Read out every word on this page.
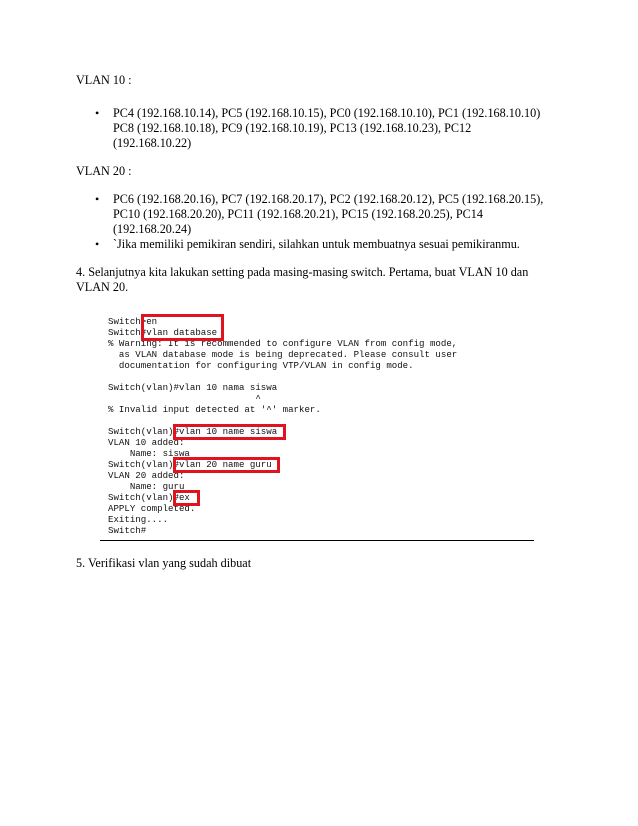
VLAN 10 :
• PC4 (192.168.10.14), PC5 (192.168.10.15), PC0 (192.168.10.10), PC1 (192.168.10.10)
PC8 (192.168.10.18), PC9 (192.168.10.19), PC13 (192.168.10.23), PC12
(192.168.10.22)
VLAN 20 :
• PC6 (192.168.20.16), PC7 (192.168.20.17), PC2 (192.168.20.12), PC5 (192.168.20.15),
PC10 (192.168.20.20), PC11 (192.168.20.21), PC15 (192.168.20.25), PC14
(192.168.20.24)
• `Jika memiliki pemikiran sendiri, silahkan untuk membuatnya sesuai pemikiranmu.
4. Selanjutnya kita lakukan setting pada masing-masing switch. Pertama, buat VLAN 10 dan
VLAN 20.
Switch>en
Switch#vlan database
% Warning: It is recommended to configure VLAN from config mode,
as VLAN database mode is being deprecated. Please consult user
documentation for configuring VTP/VLAN in config mode.
Switch(vlan)#vlan 10 nama siswa
^
% Invalid input detected at '^' marker.
Switch(vlan)#vlan 10 name siswa
VLAN 10 added:
Name: siswa
Switch(vlan)#vlan 20 name guru
VLAN 20 added:
Name: guru
Switch(vlan)#ex
APPLY completed.
Exiting....
Switch#
5. Verifikasi vlan yang sudah dibuat
